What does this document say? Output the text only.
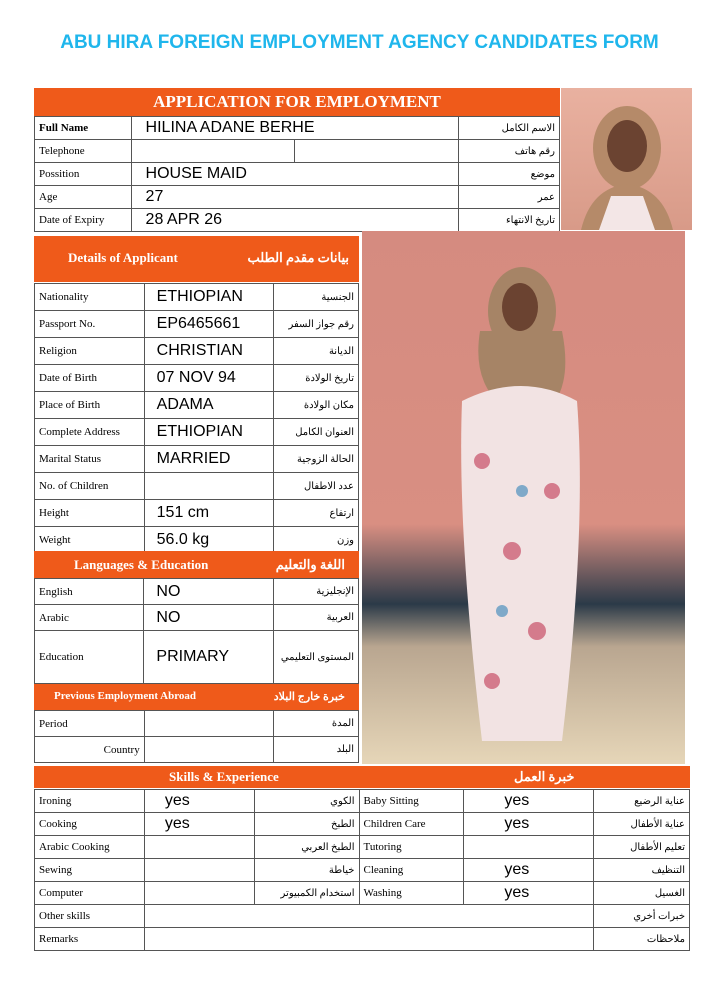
ABU HIRA FOREIGN EMPLOYMENT AGENCY CANDIDATES FORM
APPLICATION FOR EMPLOYMENT
Full Name	HILINA ADANE BERHE		الاسم الكامل
Telephone			رقم هاتف
Possition	HOUSE MAID		موضع
Age	27		عمر
Date of Expiry	28 APR 26		تاريخ الانتهاء
Details of Applicant	بيانات مقدم الطلب
Nationality	ETHIOPIAN	الجنسية
Passport No.	EP6465661	رقم جواز السفر
Religion	CHRISTIAN	الديانة
Date of Birth	07 NOV 94	تاريخ الولادة
Place of Birth	ADAMA	مكان الولادة
Complete Address	ETHIOPIAN	العنوان الكامل
Marital Status	MARRIED	الحالة الزوجية
No. of Children		عدد الاطفال
Height	151 cm	ارتفاع
Weight	56.0 kg	وزن
Languages & Education	اللغة والتعليم
English	NO	الإنجليزية
Arabic	NO	العربية
Education	PRIMARY	المستوى التعليمي
Previous Employment Abroad	خبرة خارج البلاد
Period		المدة
Country		البلد
Skills & Experience	خبرة العمل
Ironing	yes	الكوي	Baby Sitting	yes	عناية الرضيع
Cooking	yes	الطبخ	Children Care	yes	عناية الأطفال
Arabic Cooking		الطبخ العربي	Tutoring		تعليم الأطفال
Sewing		خياطة	Cleaning	yes	التنظيف
Computer		استخدام الكمبيوتر	Washing	yes	الغسيل
Other skills					خبرات أخري
Remarks					ملاحظات
